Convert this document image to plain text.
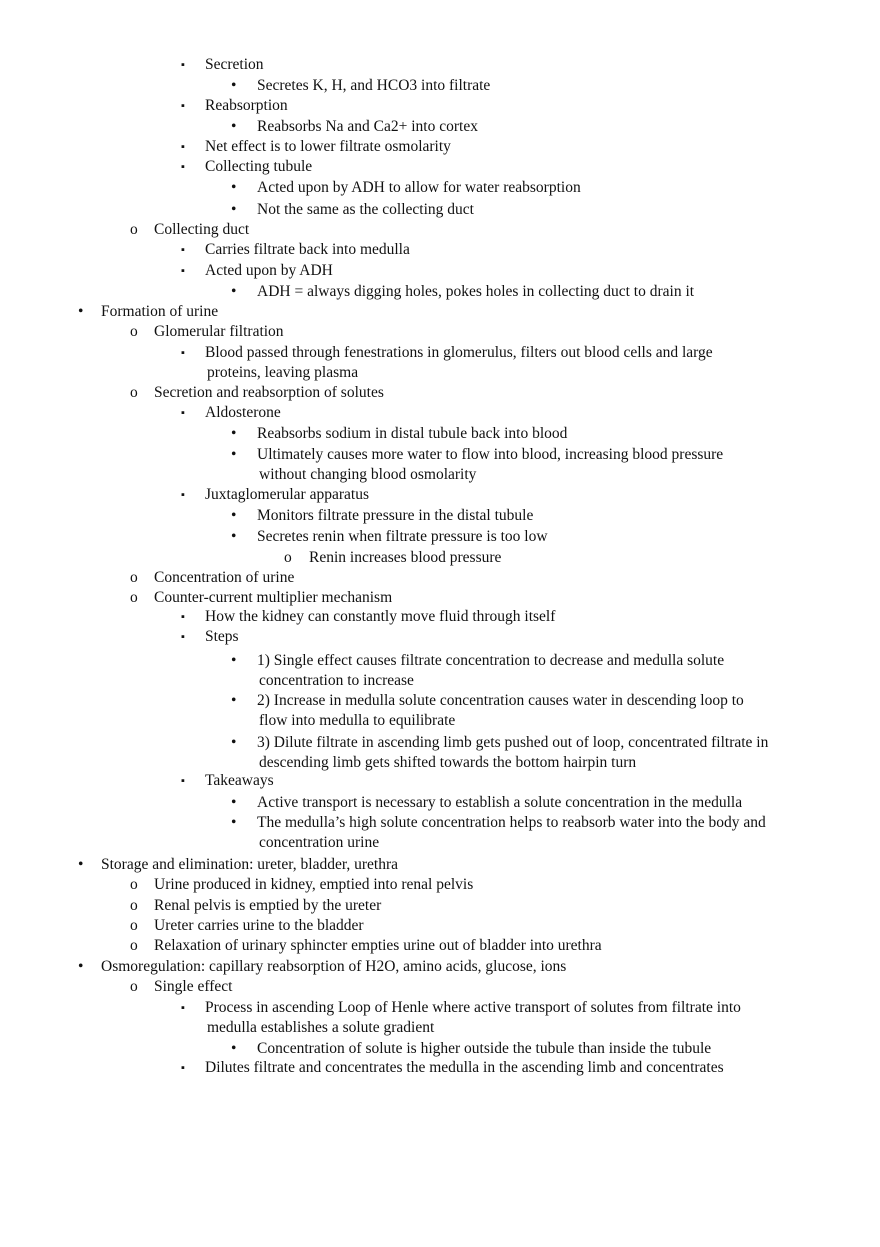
▪ Secretion
• Secretes K, H, and HCO3 into filtrate
▪ Reabsorption
• Reabsorbs Na and Ca2+ into cortex
▪ Net effect is to lower filtrate osmolarity
▪ Collecting tubule
• Acted upon by ADH to allow for water reabsorption
• Not the same as the collecting duct
o Collecting duct
▪ Carries filtrate back into medulla
▪ Acted upon by ADH
• ADH = always digging holes, pokes holes in collecting duct to drain it
• Formation of urine
o Glomerular filtration
▪ Blood passed through fenestrations in glomerulus, filters out blood cells and large
proteins, leaving plasma
o Secretion and reabsorption of solutes
▪ Aldosterone
• Reabsorbs sodium in distal tubule back into blood
• Ultimately causes more water to flow into blood, increasing blood pressure
without changing blood osmolarity
▪ Juxtaglomerular apparatus
• Monitors filtrate pressure in the distal tubule
• Secretes renin when filtrate pressure is too low
o Renin increases blood pressure
o Concentration of urine
o Counter-current multiplier mechanism
▪ How the kidney can constantly move fluid through itself
▪ Steps
• 1) Single effect causes filtrate concentration to decrease and medulla solute
concentration to increase
• 2) Increase in medulla solute concentration causes water in descending loop to
flow into medulla to equilibrate
• 3) Dilute filtrate in ascending limb gets pushed out of loop, concentrated filtrate in
descending limb gets shifted towards the bottom hairpin turn
▪ Takeaways
• Active transport is necessary to establish a solute concentration in the medulla
• The medulla’s high solute concentration helps to reabsorb water into the body and
concentration urine
• Storage and elimination: ureter, bladder, urethra
o Urine produced in kidney, emptied into renal pelvis
o Renal pelvis is emptied by the ureter
o Ureter carries urine to the bladder
o Relaxation of urinary sphincter empties urine out of bladder into urethra
• Osmoregulation: capillary reabsorption of H2O, amino acids, glucose, ions
o Single effect
▪ Process in ascending Loop of Henle where active transport of solutes from filtrate into
medulla establishes a solute gradient
• Concentration of solute is higher outside the tubule than inside the tubule
▪ Dilutes filtrate and concentrates the medulla in the ascending limb and concentrates
